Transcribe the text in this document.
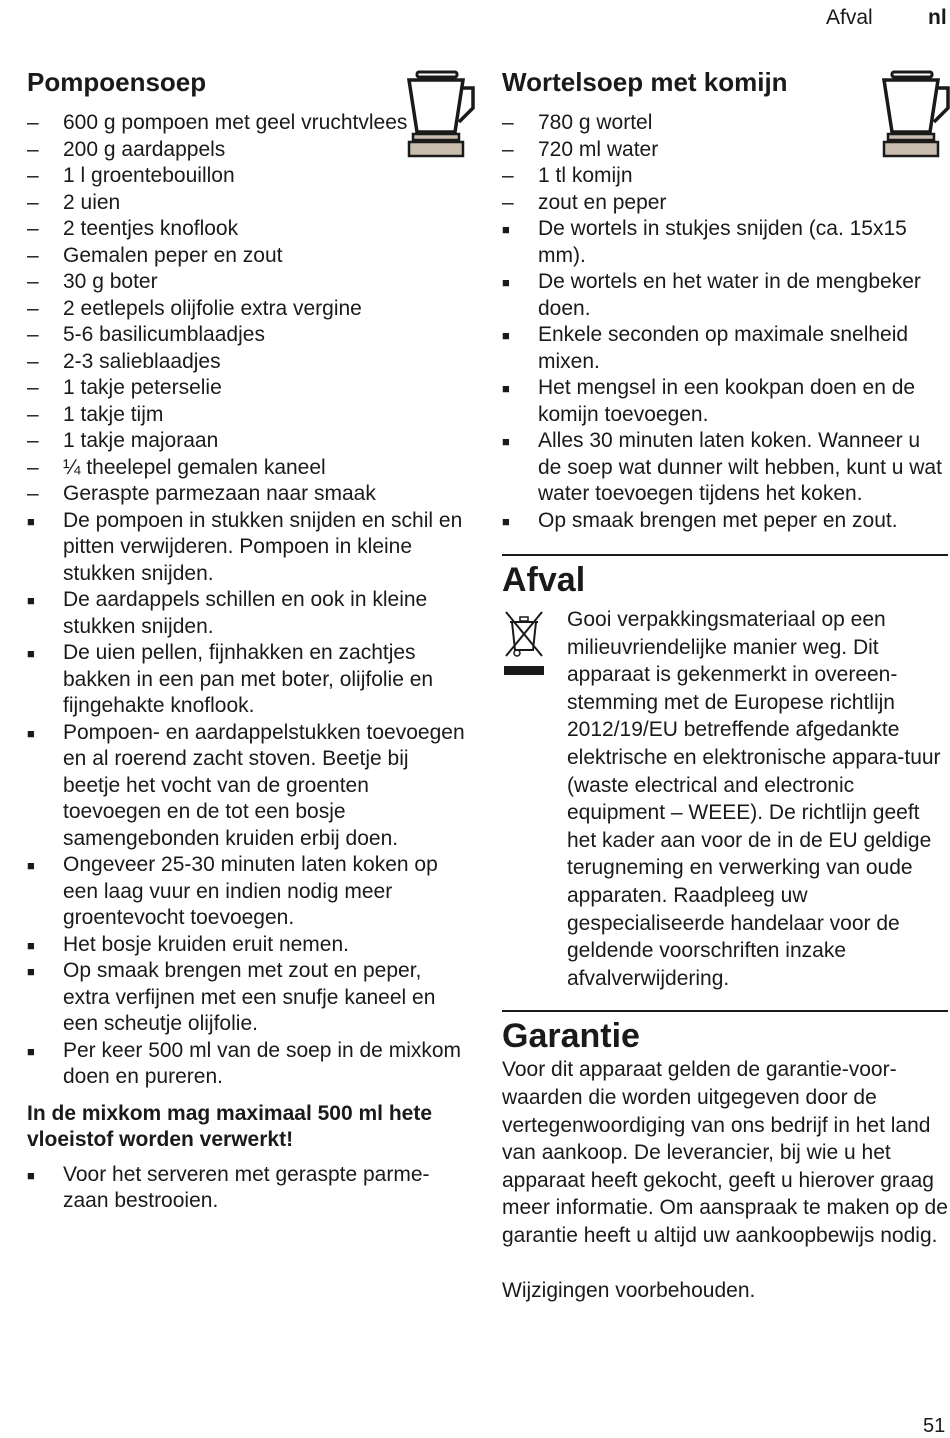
Afval	nl
Pompoensoep
–	600 g pompoen met geel vruchtvlees
–	200 g aardappels
–	1 l groentebouillon
–	2 uien
–	2 teentjes knoflook
–	Gemalen peper en zout
–	30 g boter
–	2 eetlepels olijfolie extra vergine
–	5-6 basilicumblaadjes
–	2-3 salieblaadjes
–	1 takje peterselie
–	1 takje tijm
–	1 takje majoraan
–	¼ theelepel gemalen kaneel
–	Geraspte parmezaan naar smaak
■	De pompoen in stukken snijden en schil en pitten verwijderen. Pompoen in kleine stukken snijden.
■	De aardappels schillen en ook in kleine stukken snijden.
■	De uien pellen, fijnhakken en zachtjes bakken in een pan met boter, olijfolie en fijngehakte knoflook.
■	Pompoen- en aardappelstukken toevoegen en al roerend zacht stoven. Beetje bij beetje het vocht van de groenten toevoegen en de tot een bosje samengebonden kruiden erbij doen.
■	Ongeveer 25-30 minuten laten koken op een laag vuur en indien nodig meer groentevocht toevoegen.
■	Het bosje kruiden eruit nemen.
■	Op smaak brengen met zout en peper, extra verfijnen met een snufje kaneel en een scheutje olijfolie.
■	Per keer 500 ml van de soep in de mixkom doen en pureren.
In de mixkom mag maximaal 500 ml hete vloeistof worden verwerkt!
■	Voor het serveren met geraspte parme-zaan bestrooien.
Wortelsoep met komijn
–	780 g wortel
–	720 ml water
–	1 tl komijn
–	zout en peper
■	De wortels in stukjes snijden (ca. 15x15 mm).
■	De wortels en het water in de mengbeker doen.
■	Enkele seconden op maximale snelheid mixen.
■	Het mengsel in een kookpan doen en de komijn toevoegen.
■	Alles 30 minuten laten koken. Wanneer u de soep wat dunner wilt hebben, kunt u wat water toevoegen tijdens het koken.
■	Op smaak brengen met peper en zout.
Afval
Gooi verpakkingsmateriaal op een milieuvriendelijke manier weg. Dit apparaat is gekenmerkt in overeen-stemming met de Europese richtlijn 2012/19/EU betreffende afgedankte elektrische en elektronische appara-tuur (waste electrical and electronic equipment – WEEE). De richtlijn geeft het kader aan voor de in de EU geldige terugneming en verwerking van oude apparaten. Raadpleeg uw gespecialiseerde handelaar voor de geldende voorschriften inzake afvalverwijdering.
Garantie

Voor dit apparaat gelden de garantie-voor-waarden die worden uitgegeven door de vertegenwoordiging van ons bedrijf in het land van aankoop. De leverancier, bij wie u het apparaat heeft gekocht, geeft u hierover graag meer informatie. Om aanspraak te maken op de garantie heeft u altijd uw aankoopbewijs nodig.

Wijzigingen voorbehouden.

51
